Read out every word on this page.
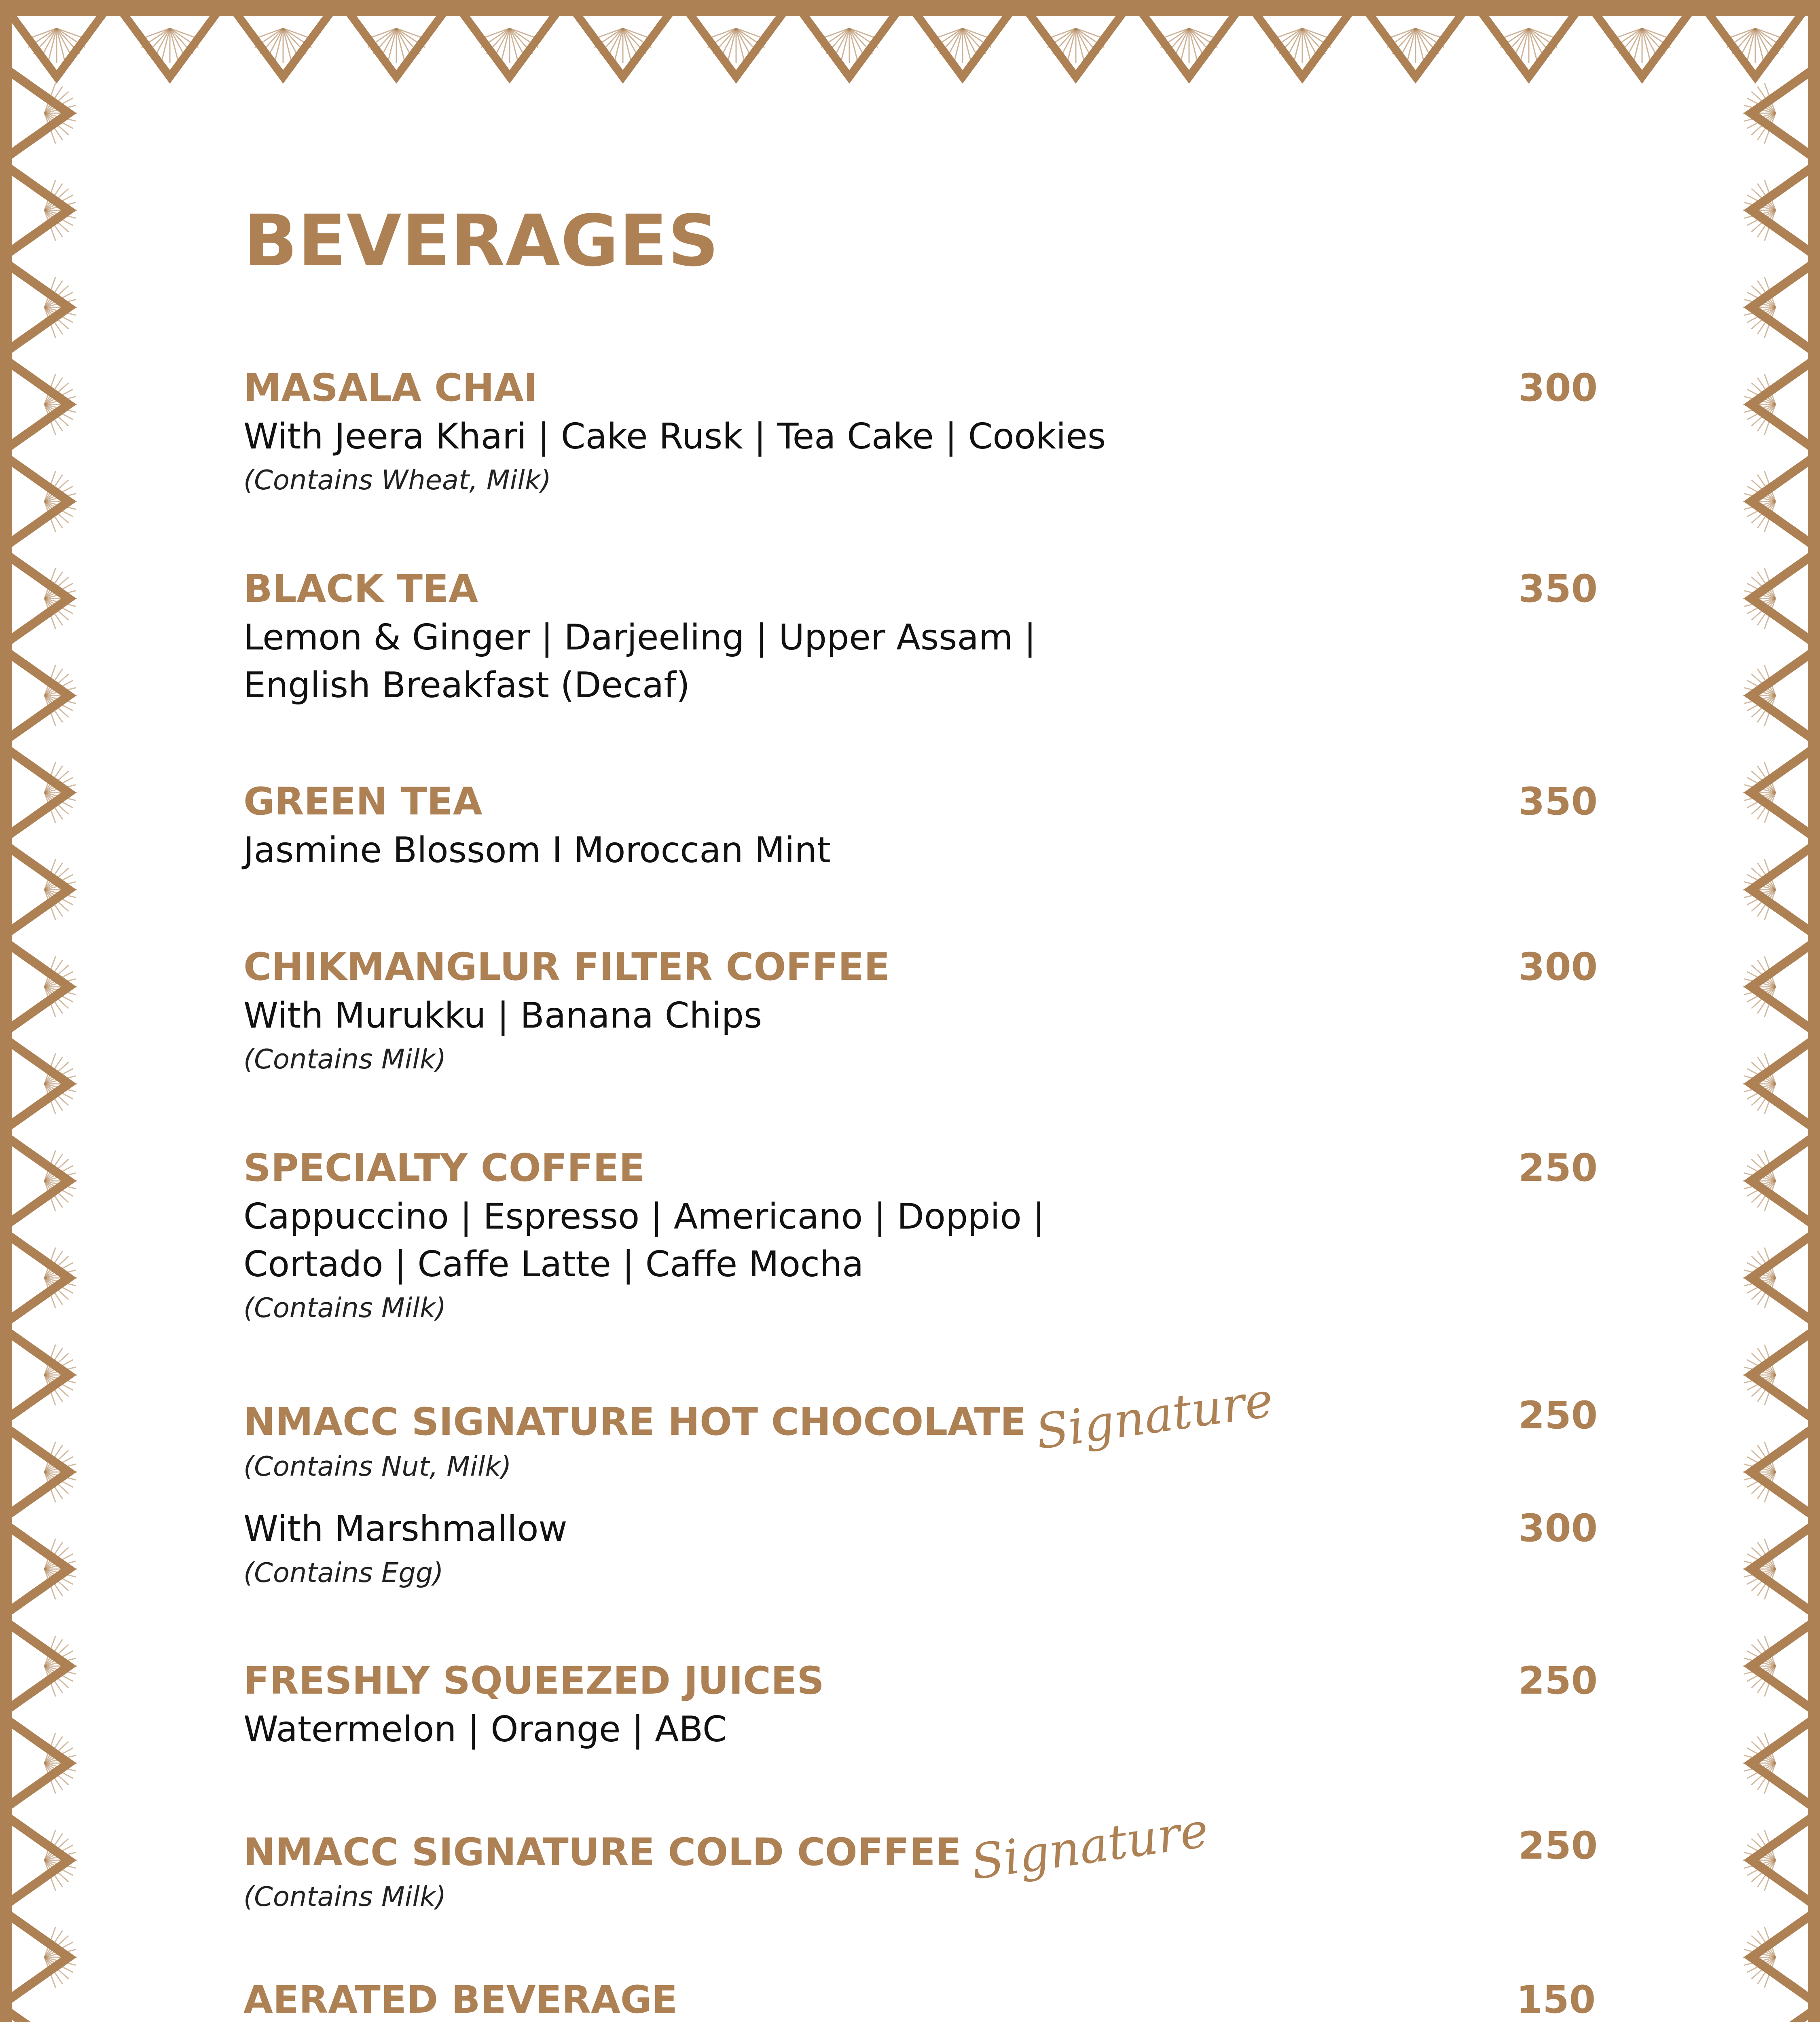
BEVERAGES
MASALA CHAI	300
With Jeera Khari | Cake Rusk | Tea Cake | Cookies
(Contains Wheat, Milk)
BLACK TEA	350
Lemon & Ginger | Darjeeling | Upper Assam |
English Breakfast (Decaf)
GREEN TEA	350
Jasmine Blossom I Moroccan Mint
CHIKMANGLUR FILTER COFFEE	300
With Murukku | Banana Chips
(Contains Milk)
SPECIALTY COFFEE	250
Cappuccino | Espresso | Americano | Doppio |
Cortado | Caffe Latte | Caffe Mocha
(Contains Milk)
NMACC SIGNATURE HOT CHOCOLATE Signature	250
(Contains Nut, Milk)
With Marshmallow	300
(Contains Egg)
FRESHLY SQUEEZED JUICES	250
Watermelon | Orange | ABC
NMACC SIGNATURE COLD COFFEE Signature	250
(Contains Milk)
AERATED BEVERAGE	150
